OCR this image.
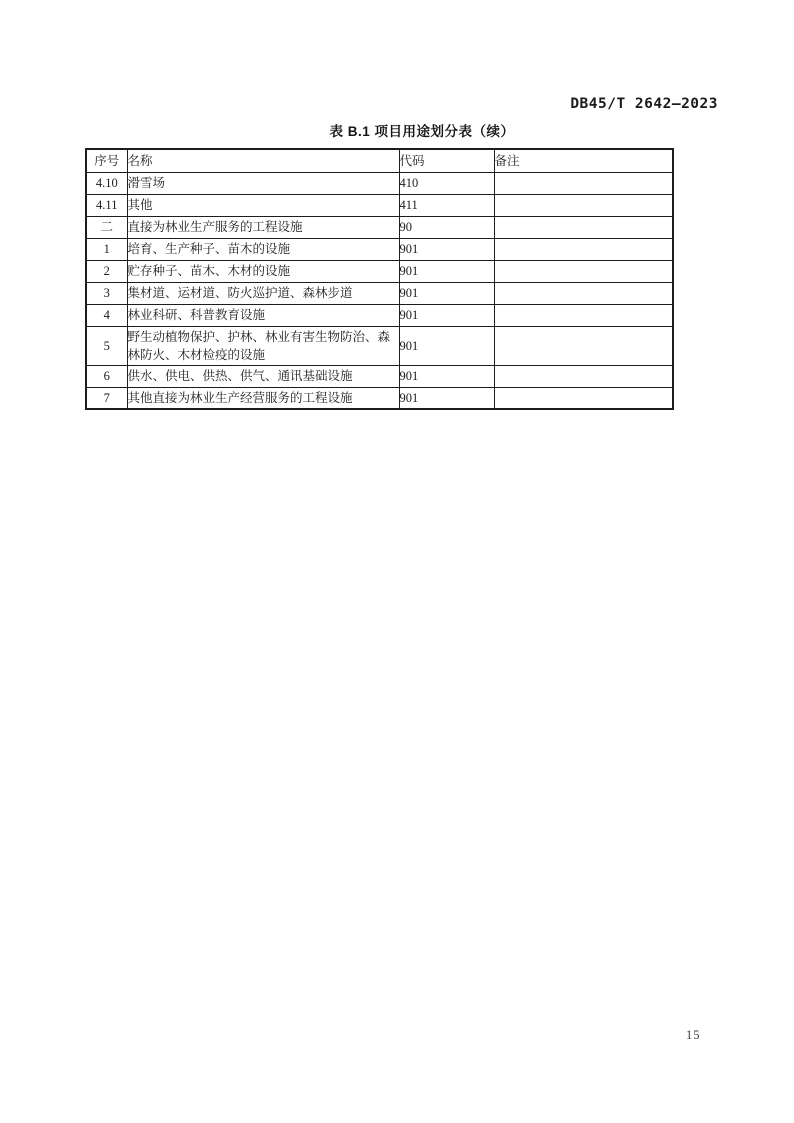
DB45/T 2642—2023
表 B.1 项目用途划分表（续）
序号	名称	代码	备注
4.10	滑雪场	410	
4.11	其他	411	
二	直接为林业生产服务的工程设施	90	
1	培育、生产种子、苗木的设施	901	
2	贮存种子、苗木、木材的设施	901	
3	集材道、运材道、防火巡护道、森林步道	901	
4	林业科研、科普教育设施	901	
5	野生动植物保护、护林、林业有害生物防治、森林防火、木材检疫的设施	901	
6	供水、供电、供热、供气、通讯基础设施	901	
7	其他直接为林业生产经营服务的工程设施	901	
15
